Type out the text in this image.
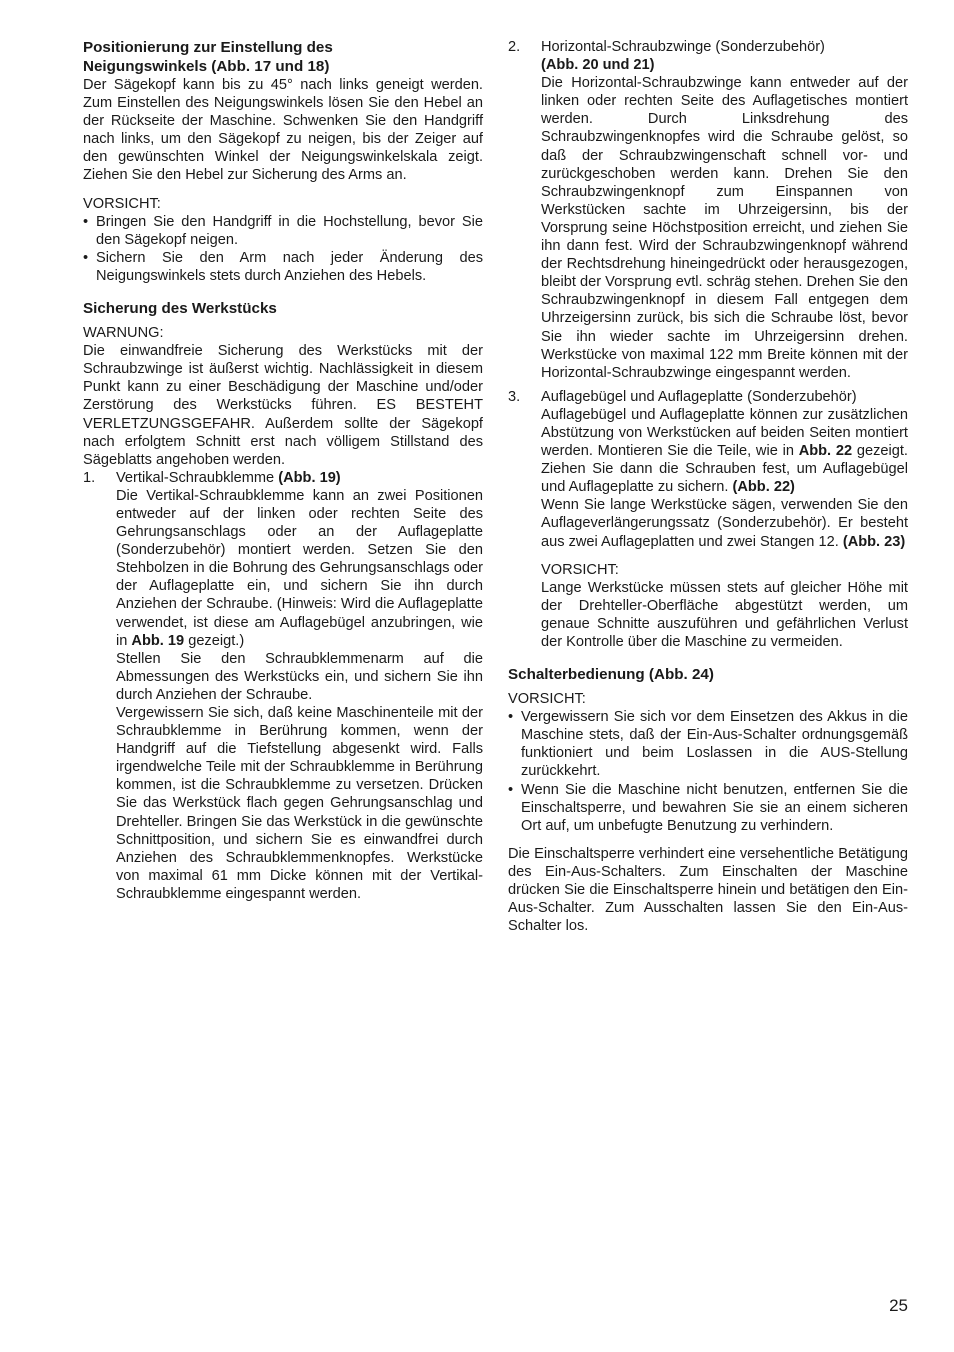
Positionierung zur Einstellung des
Neigungswinkels (Abb. 17 und 18)

Der Sägekopf kann bis zu 45° nach links geneigt werden. Zum Einstellen des Neigungswinkels lösen Sie den Hebel an der Rückseite der Maschine. Schwenken Sie den Handgriff nach links, um den Sägekopf zu neigen, bis der Zeiger auf den gewünschten Winkel der Neigungswinkelskala zeigt. Ziehen Sie den Hebel zur Sicherung des Arms an.

VORSICHT:

• Bringen Sie den Handgriff in die Hochstellung, bevor Sie den Sägekopf neigen.
• Sichern Sie den Arm nach jeder Änderung des Neigungswinkels stets durch Anziehen des Hebels.
Sicherung des Werkstücks

WARNUNG:

Die einwandfreie Sicherung des Werkstücks mit der Schraubzwinge ist äußerst wichtig. Nachlässigkeit in diesem Punkt kann zu einer Beschädigung der Maschine und/oder Zerstörung des Werkstücks führen. ES BESTEHT VERLETZUNGSGEFAHR. Außerdem sollte der Sägekopf nach erfolgtem Schnitt erst nach völligem Stillstand des Sägeblatts angehoben werden.

1. Vertikal-Schraubklemme (Abb. 19)

Die Vertikal-Schraubklemme kann an zwei Positionen entweder auf der linken oder rechten Seite des Gehrungsanschlags oder an der Auflageplatte (Sonderzubehör) montiert werden. Setzen Sie den Stehbolzen in die Bohrung des Gehrungsanschlags oder der Auflageplatte ein, und sichern Sie ihn durch Anziehen der Schraube. (Hinweis: Wird die Auflageplatte verwendet, ist diese am Auflagebügel anzubringen, wie in Abb. 19 gezeigt.)

Stellen Sie den Schraubklemmenarm auf die Abmessungen des Werkstücks ein, und sichern Sie ihn durch Anziehen der Schraube.

Vergewissern Sie sich, daß keine Maschinenteile mit der Schraubklemme in Berührung kommen, wenn der Handgriff auf die Tiefstellung abgesenkt wird. Falls irgendwelche Teile mit der Schraubklemme in Berührung kommen, ist die Schraubklemme zu versetzen. Drücken Sie das Werkstück flach gegen Gehrungsanschlag und Drehteller. Bringen Sie das Werkstück in die gewünschte Schnittposition, und sichern Sie es einwandfrei durch Anziehen des Schraubklemmenknopfes. Werkstücke von maximal 61 mm Dicke können mit der Vertikal-Schraubklemme eingespannt werden.

2. Horizontal-Schraubzwinge (Sonderzubehör)

(Abb. 20 und 21)

Die Horizontal-Schraubzwinge kann entweder auf der linken oder rechten Seite des Auflagetisches montiert werden. Durch Linksdrehung des Schraubzwingenknopfes wird die Schraube gelöst, so daß der Schraubzwingenschaft schnell vor- und zurückgeschoben werden kann. Drehen Sie den Schraubzwingenknopf zum Einspannen von Werkstücken sachte im Uhrzeigersinn, bis der Vorsprung seine Höchstposition erreicht, und ziehen Sie ihn dann fest. Wird der Schraubzwingenknopf während der Rechtsdrehung hineingedrückt oder herausgezogen, bleibt der Vorsprung evtl. schräg stehen. Drehen Sie den Schraubzwingenknopf in diesem Fall entgegen dem Uhrzeigersinn zurück, bis sich die Schraube löst, bevor Sie ihn wieder sachte im Uhrzeigersinn drehen. Werkstücke von maximal 122 mm Breite können mit der Horizontal-Schraubzwinge eingespannt werden.

3. Auflagebügel und Auflageplatte (Sonderzubehör)

Auflagebügel und Auflageplatte können zur zusätzlichen Abstützung von Werkstücken auf beiden Seiten montiert werden. Montieren Sie die Teile, wie in Abb. 22 gezeigt. Ziehen Sie dann die Schrauben fest, um Auflagebügel und Auflageplatte zu sichern. (Abb. 22)

Wenn Sie lange Werkstücke sägen, verwenden Sie den Auflageverlängerungssatz (Sonderzubehör). Er besteht aus zwei Auflageplatten und zwei Stangen 12. (Abb. 23)

VORSICHT:

Lange Werkstücke müssen stets auf gleicher Höhe mit der Drehteller-Oberfläche abgestützt werden, um genaue Schnitte auszuführen und gefährlichen Verlust der Kontrolle über die Maschine zu vermeiden.

Schalterbedienung (Abb. 24)

VORSICHT:

• Vergewissern Sie sich vor dem Einsetzen des Akkus in die Maschine stets, daß der Ein-Aus-Schalter ordnungsgemäß funktioniert und beim Loslassen in die AUS-Stellung zurückkehrt.
• Wenn Sie die Maschine nicht benutzen, entfernen Sie die Einschaltsperre, und bewahren Sie sie an einem sicheren Ort auf, um unbefugte Benutzung zu verhindern.

Die Einschaltsperre verhindert eine versehentliche Betätigung des Ein-Aus-Schalters. Zum Einschalten der Maschine drücken Sie die Einschaltsperre hinein und betätigen den Ein-Aus-Schalter. Zum Ausschalten lassen Sie den Ein-Aus-Schalter los.

25
